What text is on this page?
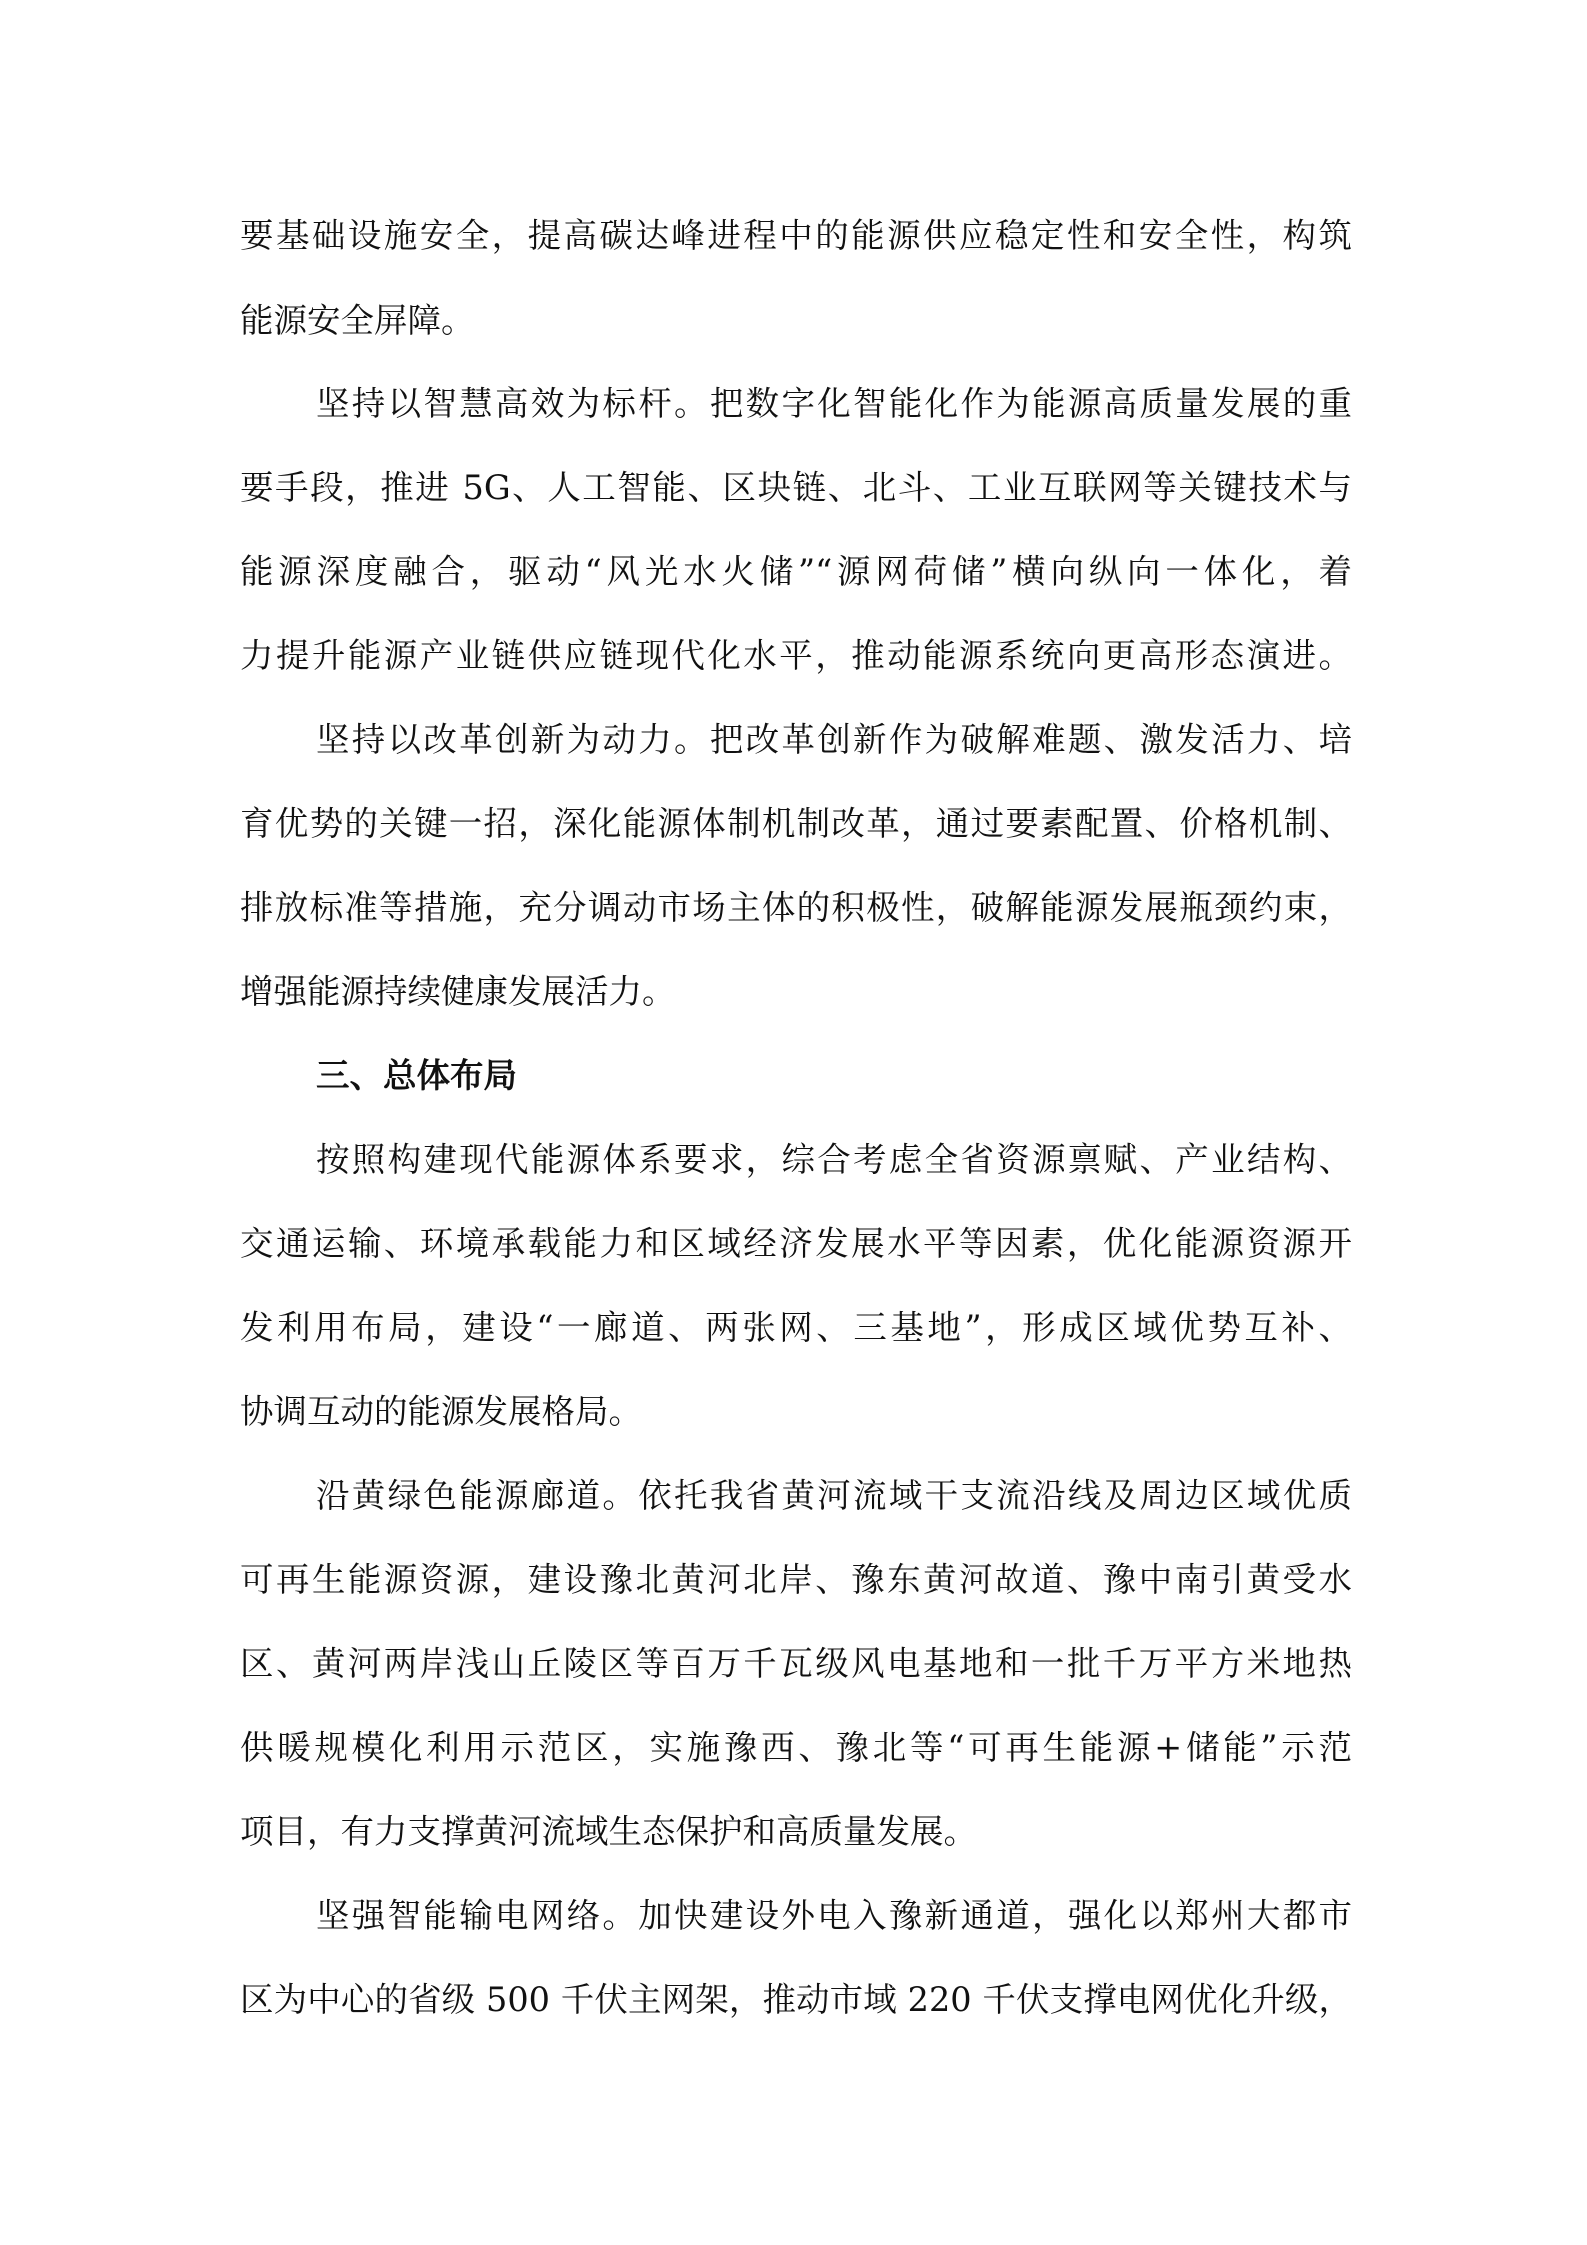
要基础设施安全，提高碳达峰进程中的能源供应稳定性和安全性，构筑
能源安全屏障。
坚持以智慧高效为标杆。把数字化智能化作为能源高质量发展的重
要手段，推进 5G、人工智能、区块链、北斗、工业互联网等关键技术与
能源深度融合，驱动“风光水火储”“源网荷储”横向纵向一体化，着
力提升能源产业链供应链现代化水平，推动能源系统向更高形态演进。
坚持以改革创新为动力。把改革创新作为破解难题、激发活力、培
育优势的关键一招，深化能源体制机制改革，通过要素配置、价格机制、
排放标准等措施，充分调动市场主体的积极性，破解能源发展瓶颈约束，
增强能源持续健康发展活力。
三、总体布局
按照构建现代能源体系要求，综合考虑全省资源禀赋、产业结构、
交通运输、环境承载能力和区域经济发展水平等因素，优化能源资源开
发利用布局，建设“一廊道、两张网、三基地”，形成区域优势互补、
协调互动的能源发展格局。
沿黄绿色能源廊道。依托我省黄河流域干支流沿线及周边区域优质
可再生能源资源，建设豫北黄河北岸、豫东黄河故道、豫中南引黄受水
区、黄河两岸浅山丘陵区等百万千瓦级风电基地和一批千万平方米地热
供暖规模化利用示范区，实施豫西、豫北等“可再生能源+储能”示范
项目，有力支撑黄河流域生态保护和高质量发展。
坚强智能输电网络。加快建设外电入豫新通道，强化以郑州大都市
区为中心的省级 500 千伏主网架，推动市域 220 千伏支撑电网优化升级，
